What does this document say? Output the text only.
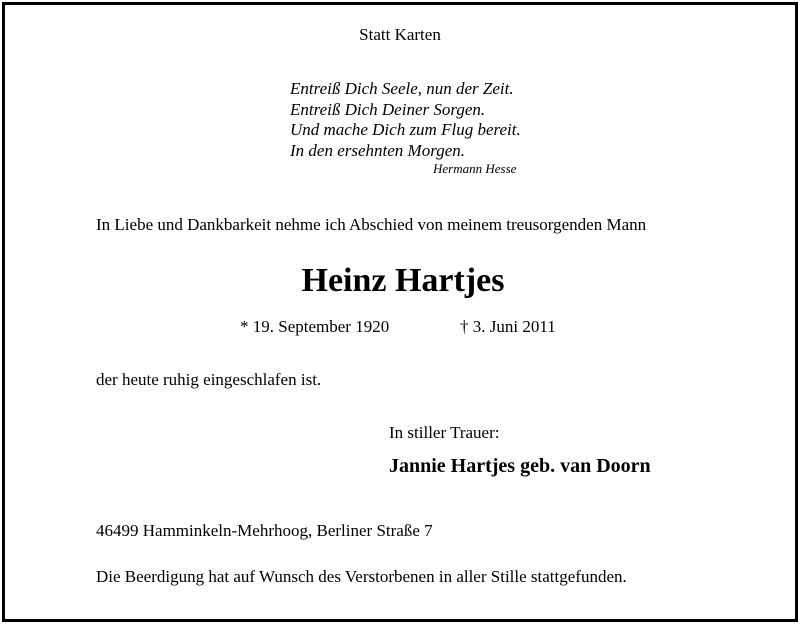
Statt Karten
Entreiß Dich Seele, nun der Zeit.
Entreiß Dich Deiner Sorgen.
Und mache Dich zum Flug bereit.
In den ersehnten Morgen.
Hermann Hesse
In Liebe und Dankbarkeit nehme ich Abschied von meinem treusorgenden Mann
Heinz Hartjes
* 19. September 1920	† 3. Juni 2011
der heute ruhig eingeschlafen ist.
In stiller Trauer:
Jannie Hartjes geb. van Doorn
46499 Hamminkeln-Mehrhoog, Berliner Straße 7
Die Beerdigung hat auf Wunsch des Verstorbenen in aller Stille stattgefunden.
